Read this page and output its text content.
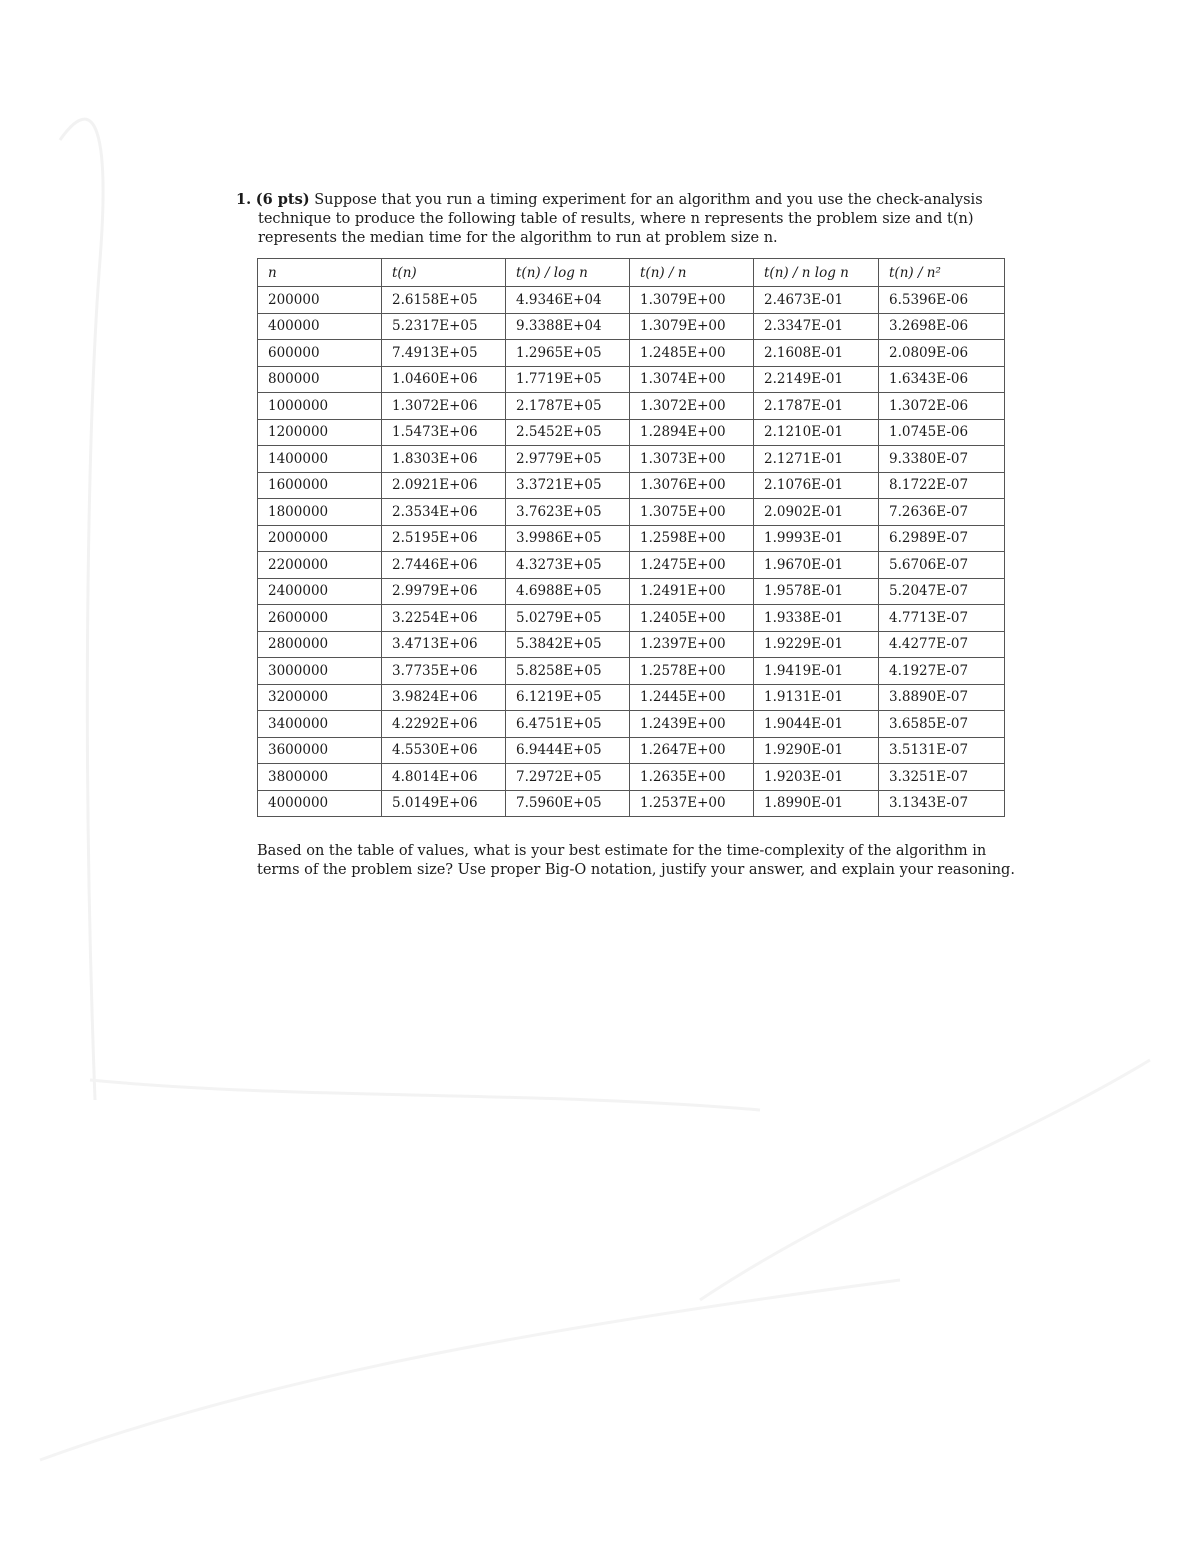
1. (6 pts) Suppose that you run a timing experiment for an algorithm and you use the check-analysis technique to produce the following table of results, where n represents the problem size and t(n) represents the median time for the algorithm to run at problem size n.
n	t(n)	t(n) / log n	t(n) / n	t(n) / n log n	t(n) / n²
200000	2.6158E+05	4.9346E+04	1.3079E+00	2.4673E-01	6.5396E-06
400000	5.2317E+05	9.3388E+04	1.3079E+00	2.3347E-01	3.2698E-06
600000	7.4913E+05	1.2965E+05	1.2485E+00	2.1608E-01	2.0809E-06
800000	1.0460E+06	1.7719E+05	1.3074E+00	2.2149E-01	1.6343E-06
1000000	1.3072E+06	2.1787E+05	1.3072E+00	2.1787E-01	1.3072E-06
1200000	1.5473E+06	2.5452E+05	1.2894E+00	2.1210E-01	1.0745E-06
1400000	1.8303E+06	2.9779E+05	1.3073E+00	2.1271E-01	9.3380E-07
1600000	2.0921E+06	3.3721E+05	1.3076E+00	2.1076E-01	8.1722E-07
1800000	2.3534E+06	3.7623E+05	1.3075E+00	2.0902E-01	7.2636E-07
2000000	2.5195E+06	3.9986E+05	1.2598E+00	1.9993E-01	6.2989E-07
2200000	2.7446E+06	4.3273E+05	1.2475E+00	1.9670E-01	5.6706E-07
2400000	2.9979E+06	4.6988E+05	1.2491E+00	1.9578E-01	5.2047E-07
2600000	3.2254E+06	5.0279E+05	1.2405E+00	1.9338E-01	4.7713E-07
2800000	3.4713E+06	5.3842E+05	1.2397E+00	1.9229E-01	4.4277E-07
3000000	3.7735E+06	5.8258E+05	1.2578E+00	1.9419E-01	4.1927E-07
3200000	3.9824E+06	6.1219E+05	1.2445E+00	1.9131E-01	3.8890E-07
3400000	4.2292E+06	6.4751E+05	1.2439E+00	1.9044E-01	3.6585E-07
3600000	4.5530E+06	6.9444E+05	1.2647E+00	1.9290E-01	3.5131E-07
3800000	4.8014E+06	7.2972E+05	1.2635E+00	1.9203E-01	3.3251E-07
4000000	5.0149E+06	7.5960E+05	1.2537E+00	1.8990E-01	3.1343E-07
Based on the table of values, what is your best estimate for the time-complexity of the algorithm in terms of the problem size? Use proper Big-O notation, justify your answer, and explain your reasoning.
